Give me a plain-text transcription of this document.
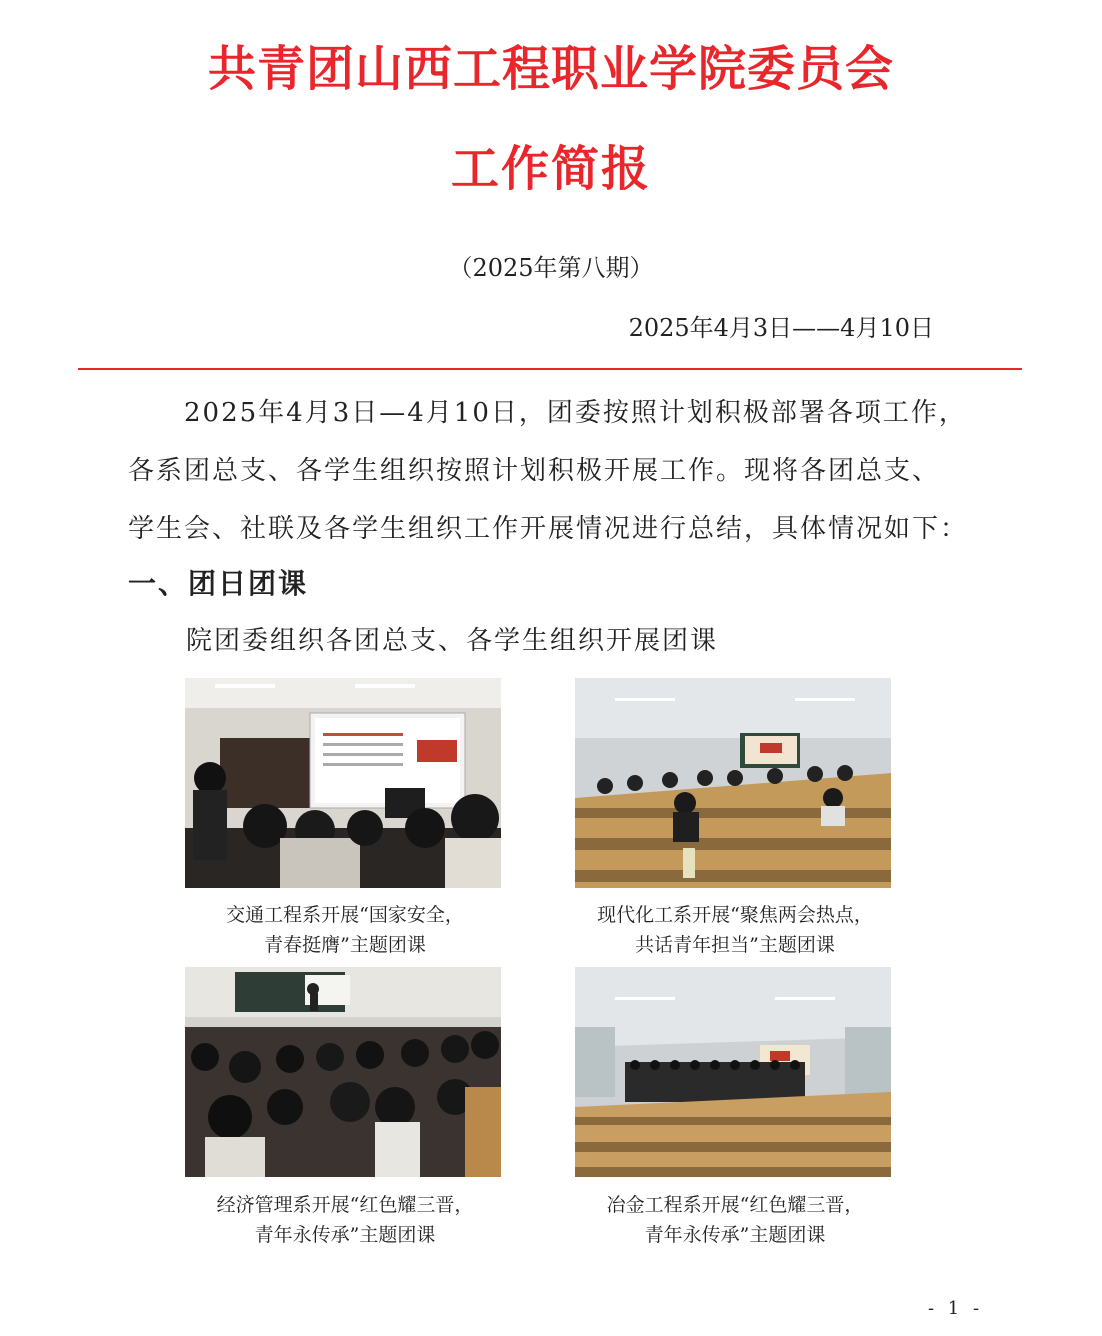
共青团山西工程职业学院委员会
工作简报
（2025年第八期）
2025年4月3日——4月10日

2025年4月3日—4月10日，团委按照计划积极部署各项工作，

各系团总支、各学生组织按照计划积极开展工作。现将各团总支、

学生会、社联及各学生组织工作开展情况进行总结，具体情况如下：

一、团日团课
院团委组织各团总支、各学生组织开展团课
交通工程系开展“国家安全，
青春挺膺”主题团课
现代化工系开展“聚焦两会热点，
共话青年担当”主题团课
经济管理系开展“红色耀三晋，
青年永传承”主题团课
冶金工程系开展“红色耀三晋，
青年永传承”主题团课
- 1 -
